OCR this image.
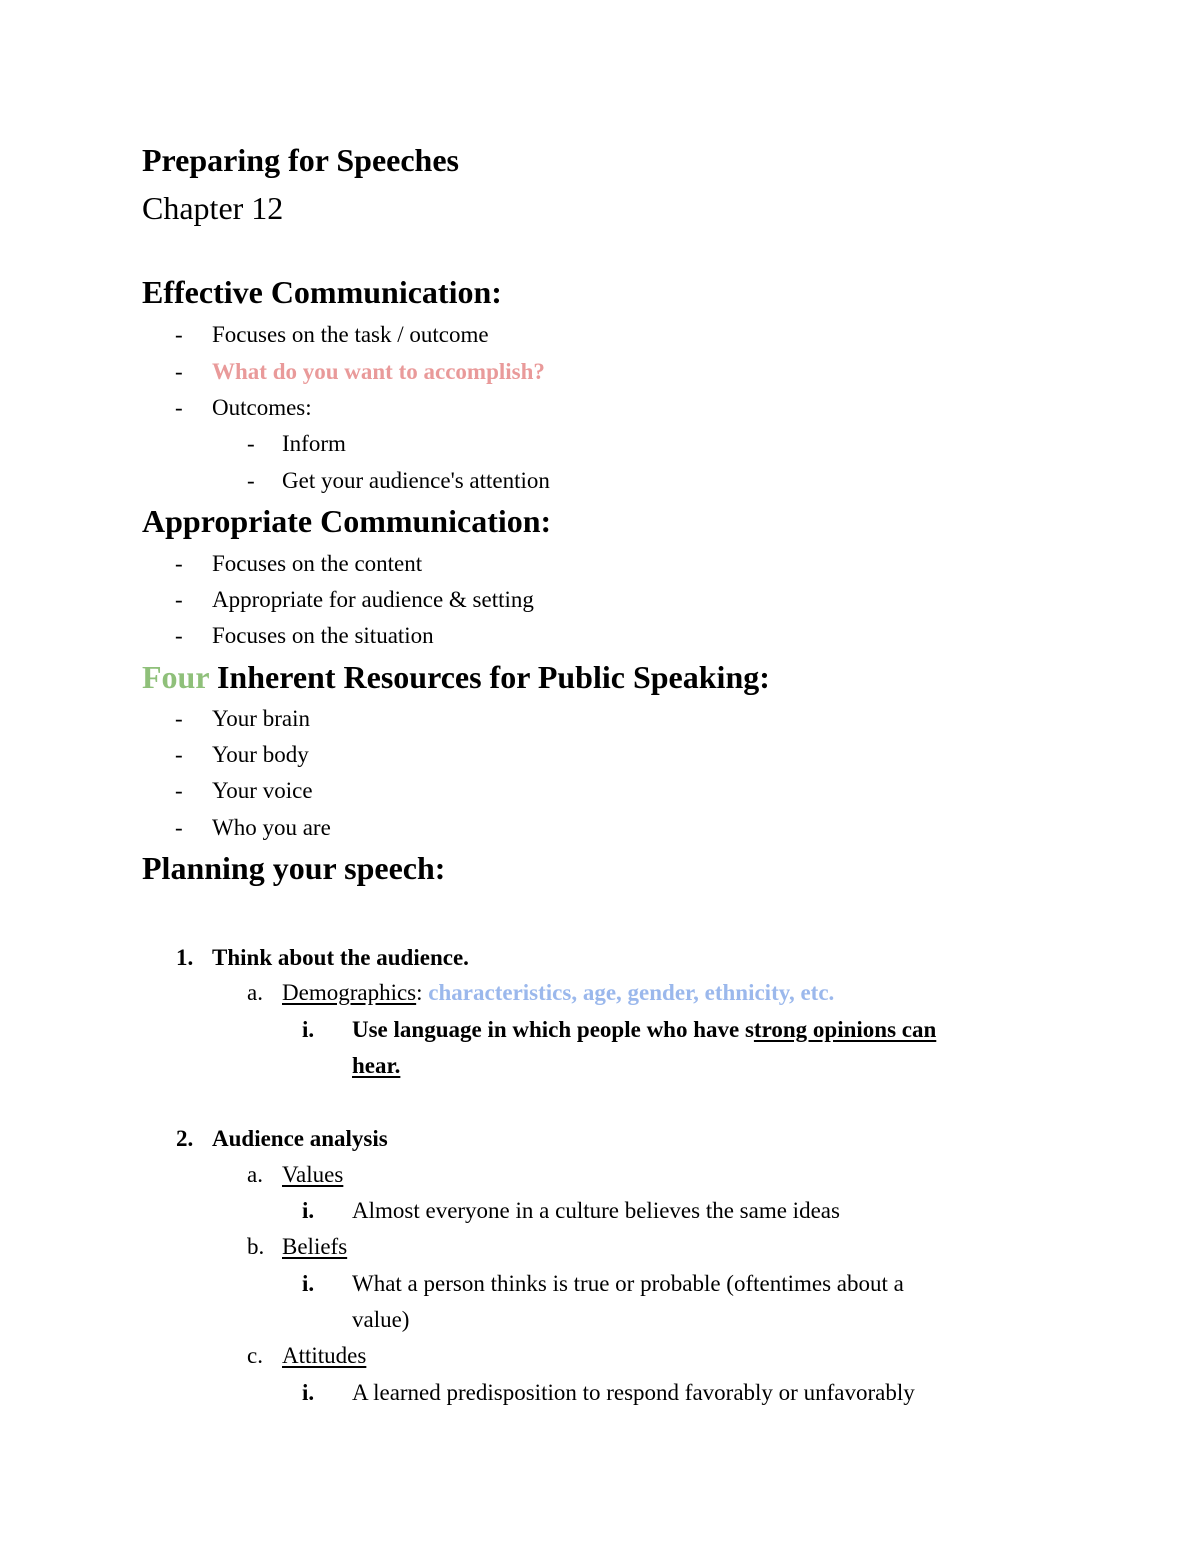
Preparing for Speeches
Chapter 12
Effective Communication:
- Focuses on the task / outcome
- What do you want to accomplish?
- Outcomes:
- Inform
- Get your audience's attention
Appropriate Communication:
- Focuses on the content
- Appropriate for audience & setting
- Focuses on the situation
Four Inherent Resources for Public Speaking:
- Your brain
- Your body
- Your voice
- Who you are
Planning your speech:
1. Think about the audience.
a. Demographics: characteristics, age, gender, ethnicity, etc.
i. Use language in which people who have strong opinions can
hear.
2. Audience analysis
a. Values
i. Almost everyone in a culture believes the same ideas
b. Beliefs
i. What a person thinks is true or probable (oftentimes about a
value)
c. Attitudes
i. A learned predisposition to respond favorably or unfavorably
